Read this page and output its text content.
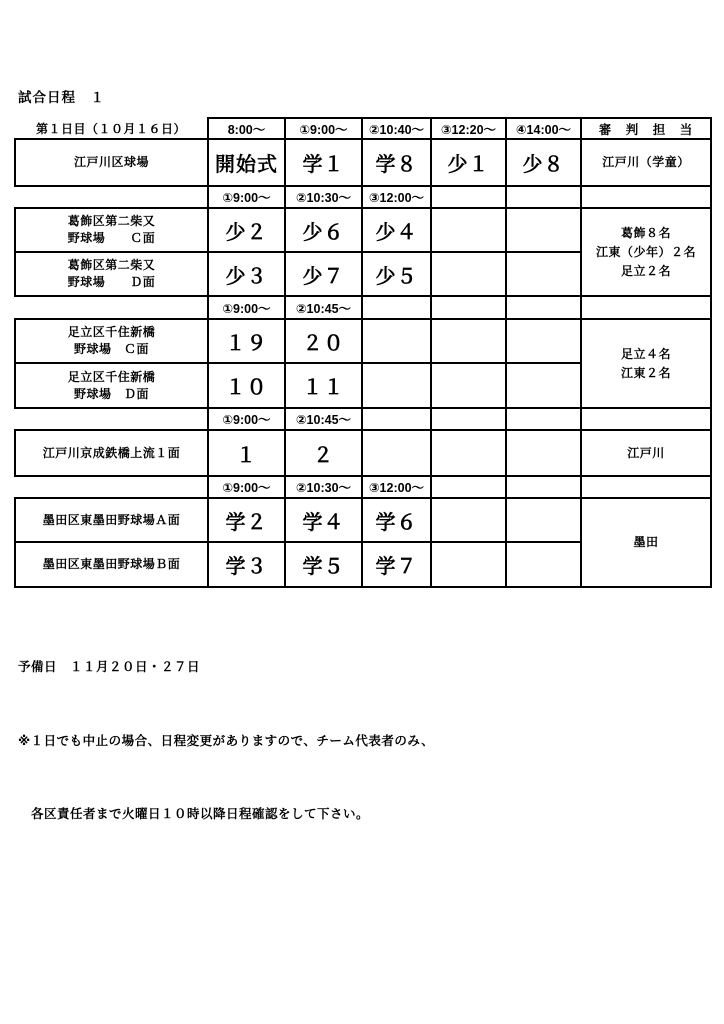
試合日程　１
第１日目（１０月１６日）	8:00～	①9:00～	②10:40～	③12:20～	④14:00～	審　判　担　当
江戸川区球場	開始式	学１	学８	少１	少８	江戸川（学童）
	①9:00～	②10:30～	③12:00～			

葛飾区第二柴又
野球場　　Ｃ面	少２	少６	少４			葛飾８名
江東（少年）２名
足立２名

葛飾区第二柴又
野球場　　Ｄ面	少３	少７	少５			
	①9:00～	②10:45～				

足立区千住新橋
野球場　Ｃ面	１９	２０				足立４名
江東２名

足立区千住新橋
野球場　Ｄ面	１０	１１				
	①9:00～	②10:45～				
江戸川京成鉄橋上流１面	１	２				江戸川
	①9:00～	②10:30～	③12:00～			
墨田区東墨田野球場Ａ面	学２	学４	学６			墨田
墨田区東墨田野球場Ｂ面	学３	学５	学７			

予備日　１１月２０日・２７日

※１日でも中止の場合、日程変更がありますので、チーム代表者のみ、

　各区責任者まで火曜日１０時以降日程確認をして下さい。
